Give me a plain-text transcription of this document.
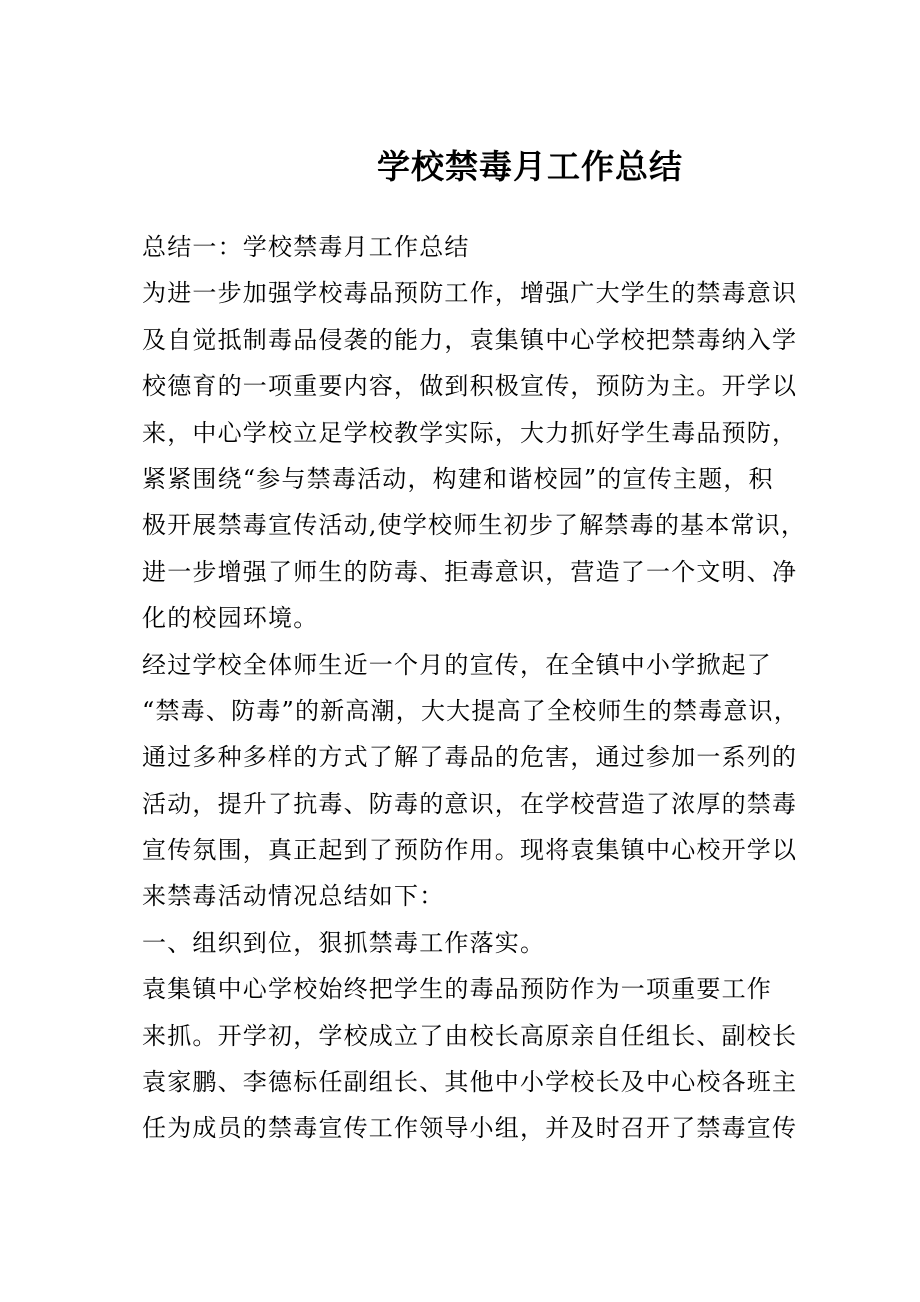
学校禁毒月工作总结
总结一：学校禁毒月工作总结
为进一步加强学校毒品预防工作，增强广大学生的禁毒意识
及自觉抵制毒品侵袭的能力，袁集镇中心学校把禁毒纳入学
校德育的一项重要内容，做到积极宣传，预防为主。开学以
来，中心学校立足学校教学实际，大力抓好学生毒品预防，
紧紧围绕“参与禁毒活动，构建和谐校园”的宣传主题，积
极开展禁毒宣传活动,使学校师生初步了解禁毒的基本常识，
进一步增强了师生的防毒、拒毒意识，营造了一个文明、净
化的校园环境。
经过学校全体师生近一个月的宣传，在全镇中小学掀起了
“禁毒、防毒”的新高潮，大大提高了全校师生的禁毒意识，
通过多种多样的方式了解了毒品的危害，通过参加一系列的
活动，提升了抗毒、防毒的意识，在学校营造了浓厚的禁毒
宣传氛围，真正起到了预防作用。现将袁集镇中心校开学以
来禁毒活动情况总结如下：
一、组织到位，狠抓禁毒工作落实。
袁集镇中心学校始终把学生的毒品预防作为一项重要工作
来抓。开学初，学校成立了由校长高原亲自任组长、副校长
袁家鹏、李德标任副组长、其他中小学校长及中心校各班主
任为成员的禁毒宣传工作领导小组，并及时召开了禁毒宣传
